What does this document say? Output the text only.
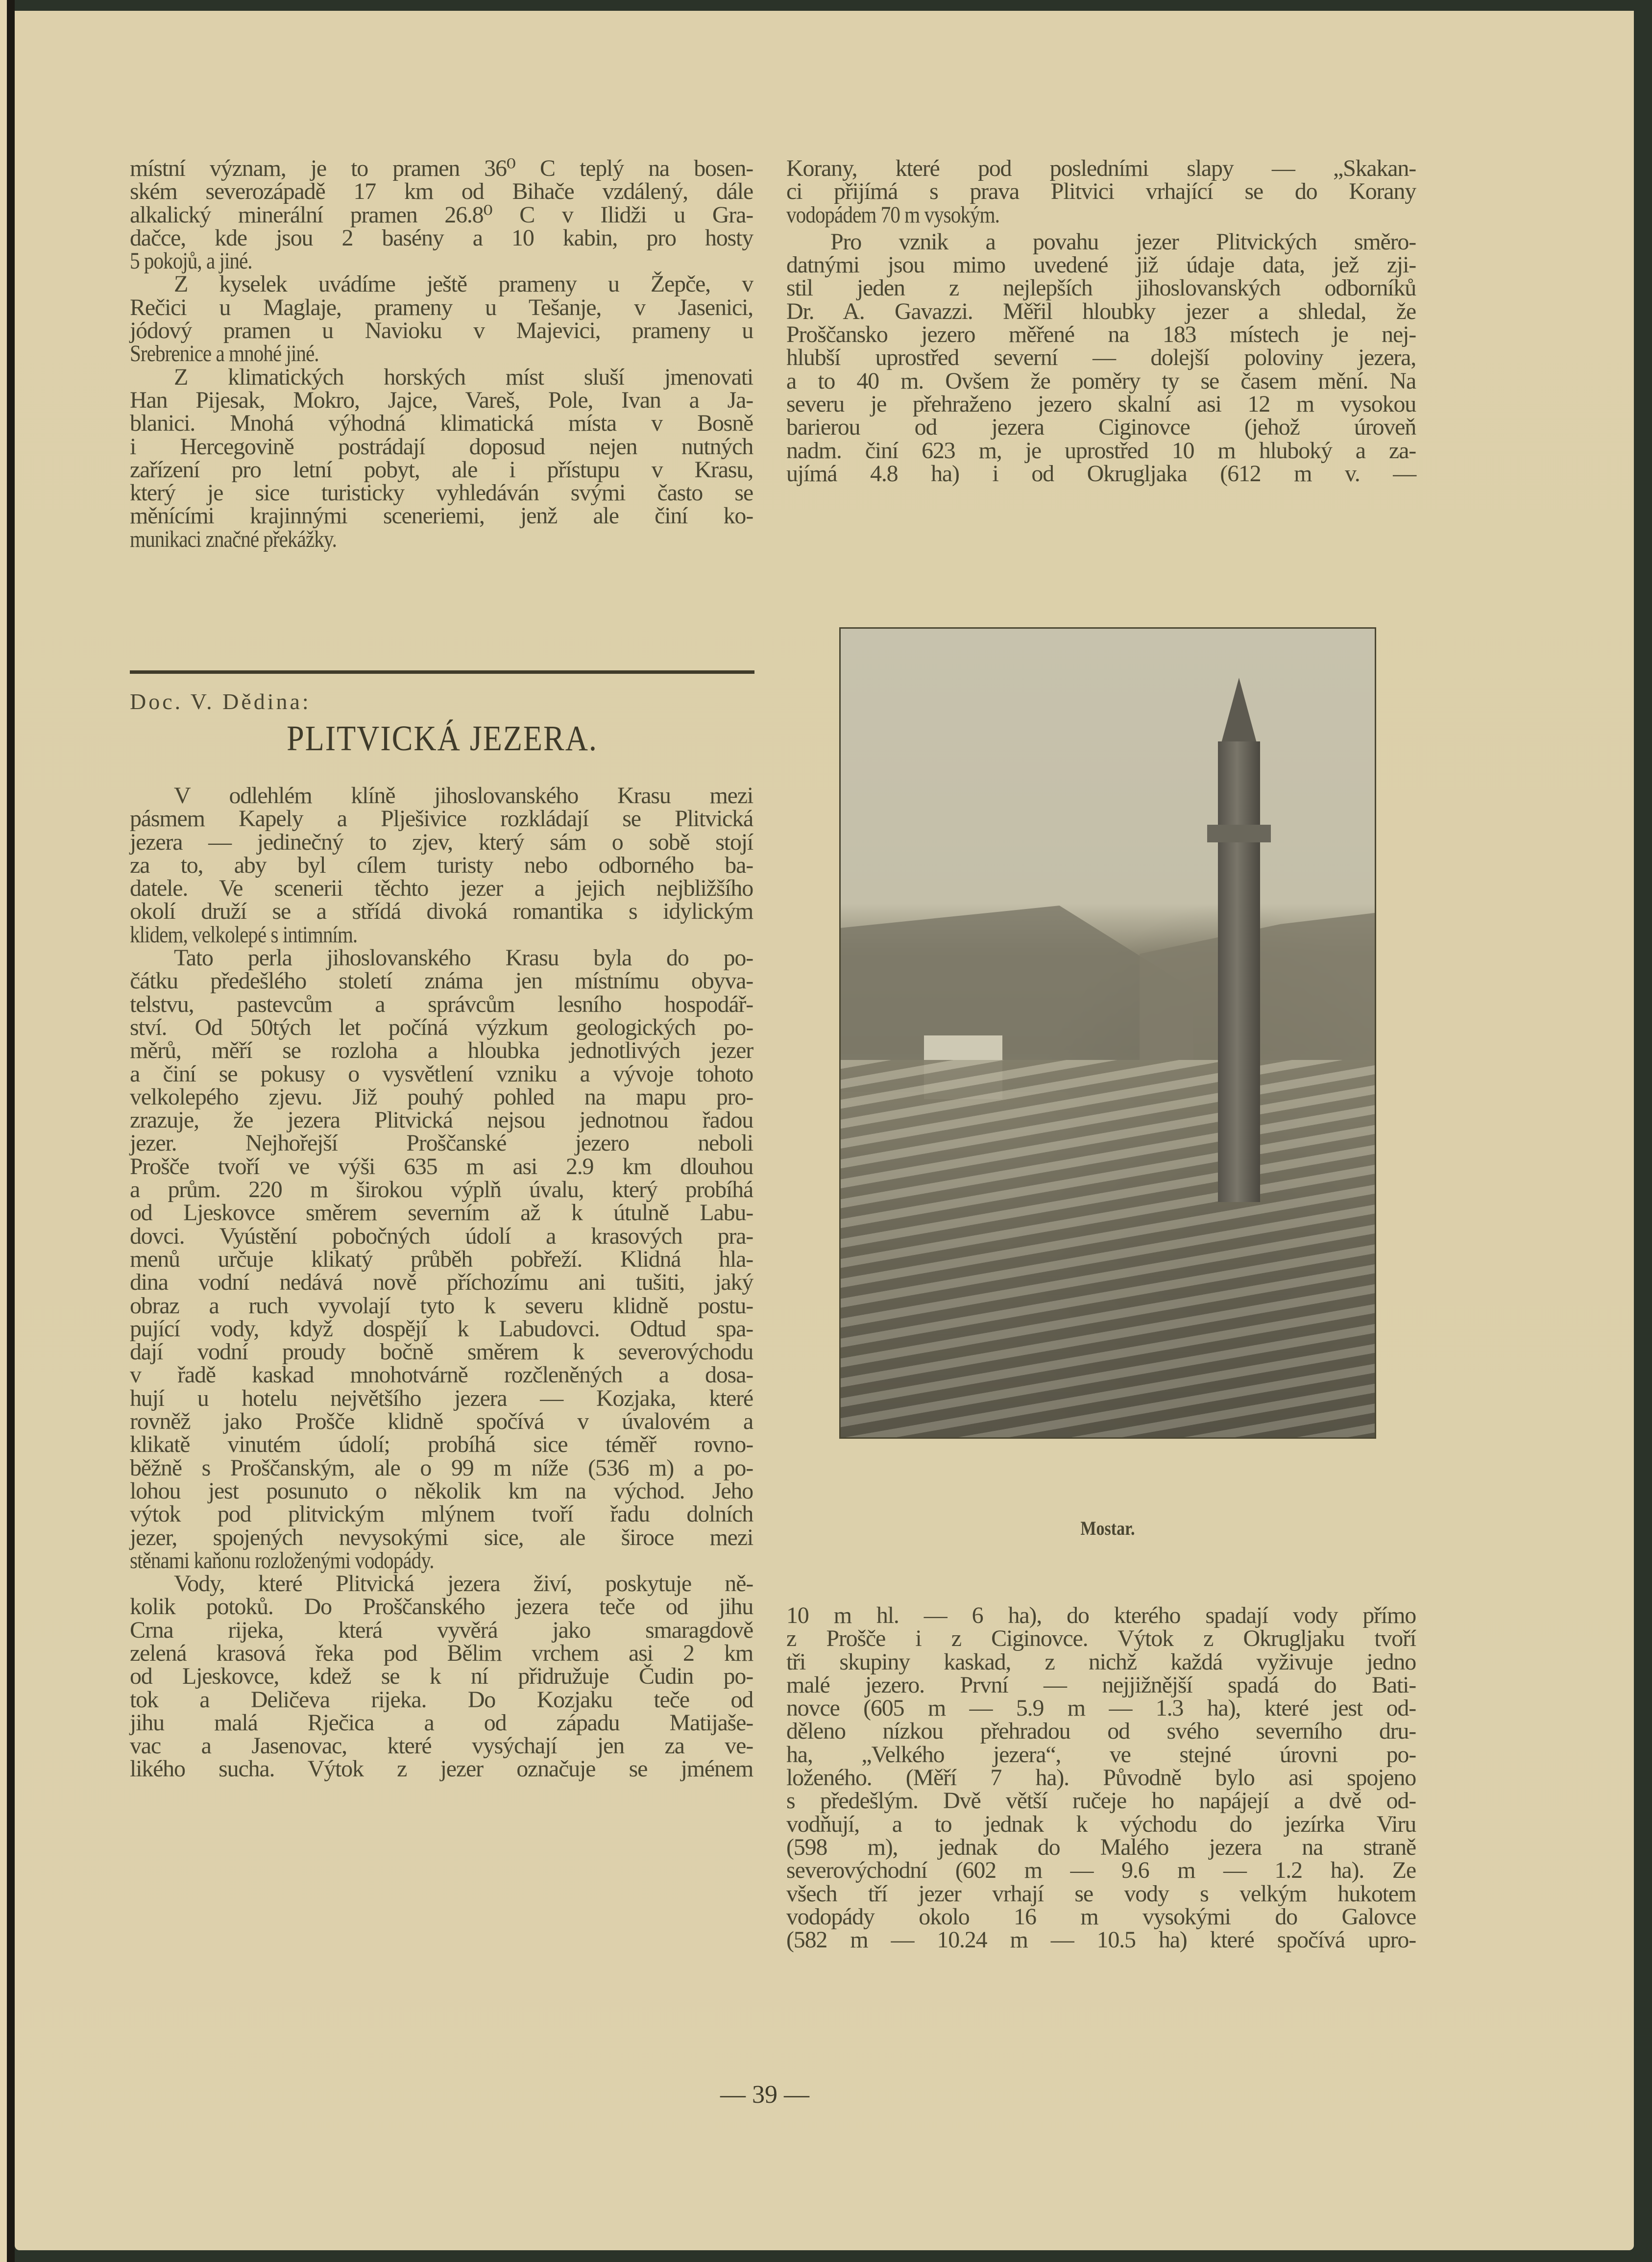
místní význam, je to pramen 36⁰ C teplý na bosen-
ském severozápadě 17 km od Bihače vzdálený, dále
alkalický minerální pramen 26.8⁰ C v Ilidži u Gra-
dačce, kde jsou 2 basény a 10 kabin, pro hosty
5 pokojů, a jiné.
Z kyselek uvádíme ještě prameny u Žepče, v
Rečici u Maglaje, prameny u Tešanje, v Jasenici,
jódový pramen u Navioku v Majevici, prameny u
Srebrenice a mnohé jiné.
Z klimatických horských míst sluší jmenovati
Han Pijesak, Mokro, Jajce, Vareš, Pole, Ivan a Ja-
blanici. Mnohá výhodná klimatická místa v Bosně
i Hercegovině postrádají doposud nejen nutných
zařízení pro letní pobyt, ale i přístupu v Krasu,
který je sice turisticky vyhledáván svými často se
měnícími krajinnými sceneriemi, jenž ale činí ko-
munikaci značné překážky.
Doc. V. Dědina:
PLITVICKÁ JEZERA.
V odlehlém klíně jihoslovanského Krasu mezi
pásmem Kapely a Plješivice rozkládají se Plitvická
jezera — jedinečný to zjev, který sám o sobě stojí
za to, aby byl cílem turisty nebo odborného ba-
datele. Ve scenerii těchto jezer a jejich nejbližšího
okolí druží se a střídá divoká romantika s idylickým
klidem, velkolepé s intimním.
Tato perla jihoslovanského Krasu byla do po-
čátku předešlého století známa jen místnímu obyva-
telstvu, pastevcům a správcům lesního hospodář-
ství. Od 50tých let počíná výzkum geologických po-
měrů, měří se rozloha a hloubka jednotlivých jezer
a činí se pokusy o vysvětlení vzniku a vývoje tohoto
velkolepého zjevu. Již pouhý pohled na mapu pro-
zrazuje, že jezera Plitvická nejsou jednotnou řadou
jezer. Nejhořejší Proščanské jezero neboli
Prošče tvoří ve výši 635 m asi 2.9 km dlouhou
a prům. 220 m širokou výplň úvalu, který probíhá
od Ljeskovce směrem severním až k útulně Labu-
dovci. Vyústění pobočných údolí a krasových pra-
menů určuje klikatý průběh pobřeží. Klidná hla-
dina vodní nedává nově příchozímu ani tušiti, jaký
obraz a ruch vyvolají tyto k severu klidně postu-
pující vody, když dospějí k Labudovci. Odtud spa-
dají vodní proudy bočně směrem k severovýchodu
v řadě kaskad mnohotvárně rozčleněných a dosa-
hují u hotelu největšího jezera — Kozjaka, které
rovněž jako Prošče klidně spočívá v úvalovém a
klikatě vinutém údolí; probíhá sice téměř rovno-
běžně s Proščanským, ale o 99 m níže (536 m) a po-
lohou jest posunuto o několik km na východ. Jeho
výtok pod plitvickým mlýnem tvoří řadu dolních
jezer, spojených nevysokými sice, ale široce mezi
stěnami kaňonu rozloženými vodopády.
Vody, které Plitvická jezera živí, poskytuje ně-
kolik potoků. Do Proščanského jezera teče od jihu
Crna rijeka, která vyvěrá jako smaragdově
zelená krasová řeka pod Bělim vrchem asi 2 km
od Ljeskovce, kdež se k ní přidružuje Čudin po-
tok a Deličeva rijeka. Do Kozjaku teče od
jihu malá Rječica a od západu Matijaše-
vac a Jasenovac, které vysýchají jen za ve-
likého sucha. Výtok z jezer označuje se jménem
Korany, které pod posledními slapy — „Skakan-
ci přijímá s prava Plitvici vrhající se do Korany
vodopádem 70 m vysokým.
Pro vznik a povahu jezer Plitvických směro-
datnými jsou mimo uvedené již údaje data, jež zji-
stil jeden z nejlepších jihoslovanských odborníků
Dr. A. Gavazzi. Měřil hloubky jezer a shledal, že
Proščansko jezero měřené na 183 místech je nej-
hlubší uprostřed severní — dolejší poloviny jezera,
a to 40 m. Ovšem že poměry ty se časem mění. Na
severu je přehraženo jezero skalní asi 12 m vysokou
barierou od jezera Ciginovce (jehož úroveň
nadm. činí 623 m, je uprostřed 10 m hluboký a za-
ujímá 4.8 ha) i od Okrugljaka (612 m v. —
Mostar.
10 m hl. — 6 ha), do kterého spadají vody přímo
z Prošče i z Ciginovce. Výtok z Okrugljaku tvoří
tři skupiny kaskad, z nichž každá vyživuje jedno
malé jezero. První — nejjižnější spadá do Bati-
novce (605 m — 5.9 m — 1.3 ha), které jest od-
děleno nízkou přehradou od svého severního dru-
ha, „Velkého jezera“, ve stejné úrovni po-
loženého. (Měří 7 ha). Původně bylo asi spojeno
s předešlým. Dvě větší ručeje ho napájejí a dvě od-
vodňují, a to jednak k východu do jezírka Viru
(598 m), jednak do Malého jezera na straně
severovýchodní (602 m — 9.6 m — 1.2 ha). Ze
všech tří jezer vrhají se vody s velkým hukotem
vodopády okolo 16 m vysokými do Galovce
(582 m — 10.24 m — 10.5 ha) které spočívá upro-
— 39 —
